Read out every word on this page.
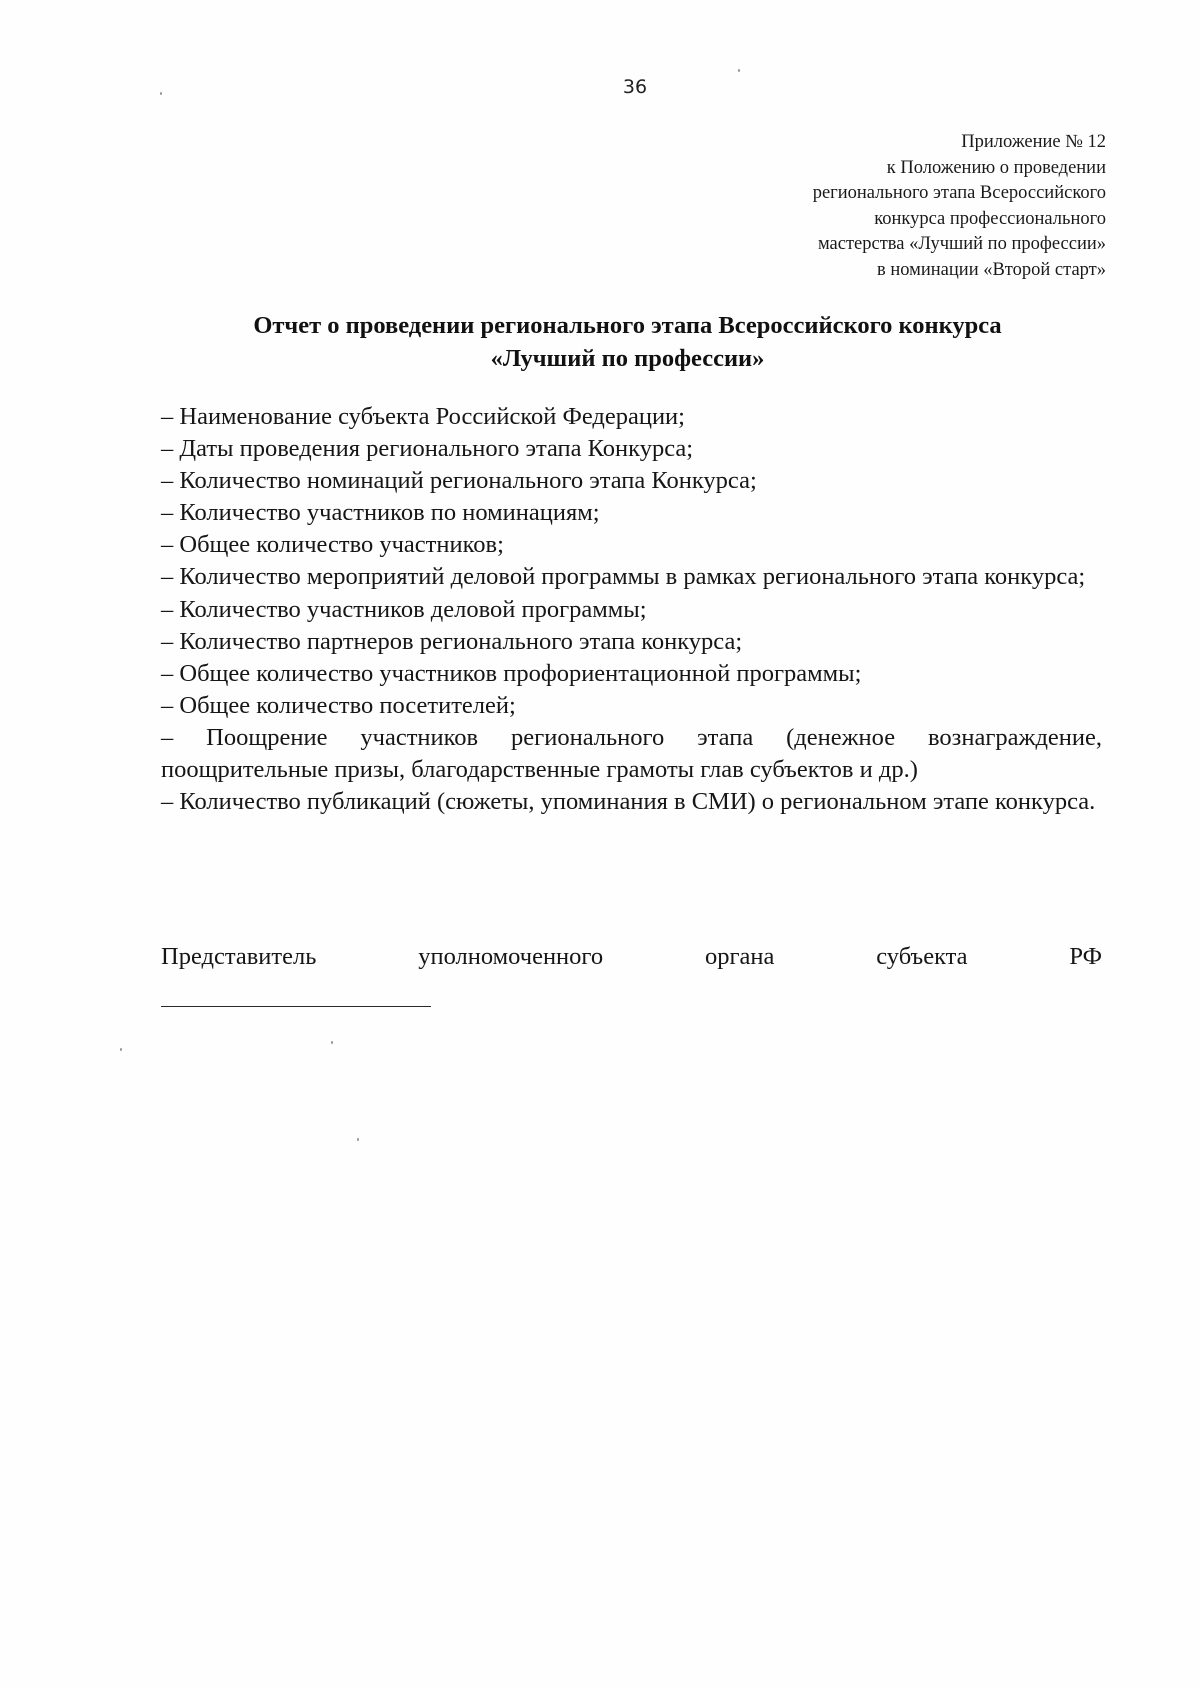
36
Приложение № 12
к Положению о проведении
регионального этапа Всероссийского
конкурса профессионального
мастерства «Лучший по профессии»
в номинации «Второй старт»
Отчет о проведении регионального этапа Всероссийского конкурса
«Лучший по профессии»
– Наименование субъекта Российской Федерации;
– Даты проведения регионального этапа Конкурса;
– Количество номинаций регионального этапа Конкурса;
– Количество участников по номинациям;
– Общее количество участников;
– Количество мероприятий деловой программы в рамках регионального этапа конкурса;
– Количество участников деловой программы;
– Количество партнеров регионального этапа конкурса;
– Общее количество участников профориентационной программы;
– Общее количество посетителей;
– Поощрение участников регионального этапа (денежное вознаграждение, поощрительные призы, благодарственные грамоты глав субъектов и др.)
– Количество публикаций (сюжеты, упоминания в СМИ) о региональном этапе конкурса.
Представитель	уполномоченного	органа	субъекта	РФ
